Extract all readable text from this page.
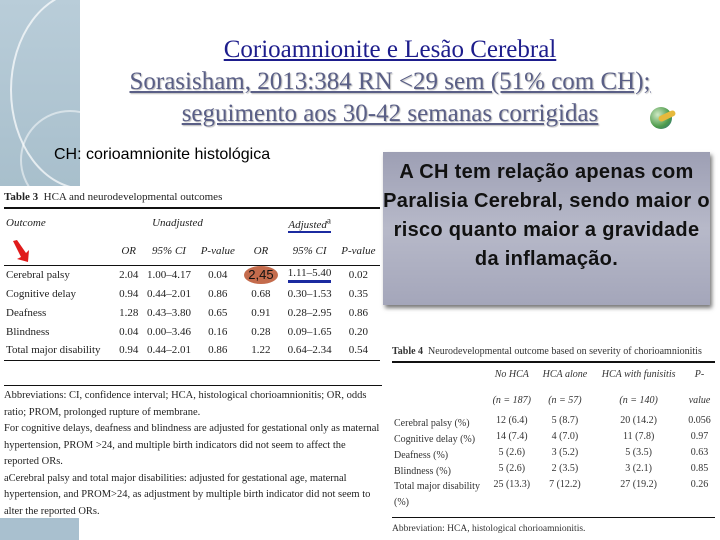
Corioamnionite e Lesão Cerebral
Sorasisham, 2013:384 RN <29 sem (51% com CH);
seguimento aos 30-42 semanas corrigidas
CH: corioamnionite histológica
A CH tem relação apenas com Paralisia Cerebral, sendo maior o risco quanto maior a gravidade da inflamação.
Table 3 HCA and neurodevelopmental outcomes
Outcome	Unadjusted			Adjusted$^a$
	OR	95% CI	P-value	OR	95% CI	P-value
Cerebral palsy	2.04	1.00–4.17	0.04	2,45	1.11–5.40	0.02
Cognitive delay	0.94	0.44–2.01	0.86	0.68	0.30–1.53	0.35
Deafness	1.28	0.43–3.80	0.65	0.91	0.28–2.95	0.86
Blindness	0.04	0.00–3.46	0.16	0.28	0.09–1.65	0.20
Total major disability	0.94	0.44–2.01	0.86	1.22	0.64–2.34	0.54
Abbreviations: CI, confidence interval; HCA, histological chorioamnionitis; OR, odds ratio; PROM, prolonged rupture of membrane.
For cognitive delays, deafness and blindness are adjusted for gestational only as maternal hypertension, PROM >24, and multiple birth indicators did not seem to affect the reported ORs.
aCerebral palsy and total major disabilities: adjusted for gestational age, maternal hypertension, and PROM>24, as adjustment by multiple birth indicator did not seem to alter the reported ORs.
Table 4 Neurodevelopmental outcome based on severity of chorioamnionitis
	No HCA	HCA alone	HCA with funisitis	P-
	(n = 187)	(n = 57)	(n = 140)	value
Cerebral palsy (%)	12 (6.4)	5 (8.7)	20 (14.2)	0.056
Cognitive delay (%)	14 (7.4)	4 (7.0)	11 (7.8)	0.97
Deafness (%)	5 (2.6)	3 (5.2)	5 (3.5)	0.63
Blindness (%)	5 (2.6)	2 (3.5)	3 (2.1)	0.85
Total major disability (%)	25 (13.3)	7 (12.2)	27 (19.2)	0.26
Abbreviation: HCA, histological chorioamnionitis.
